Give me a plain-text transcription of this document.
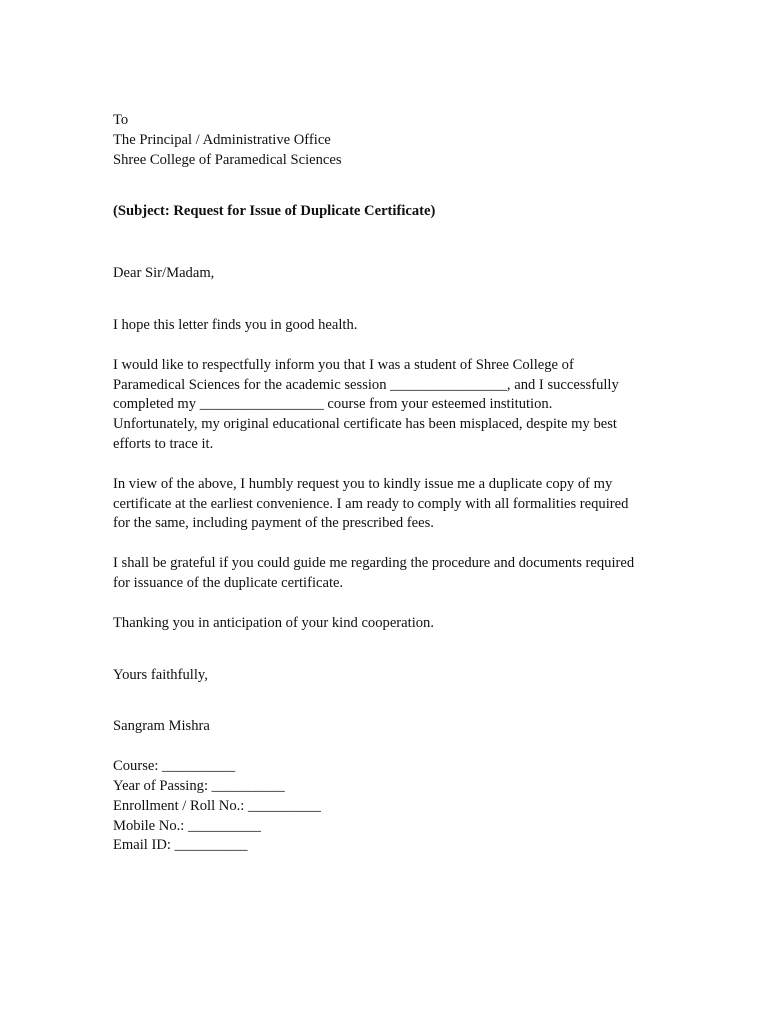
To
The Principal / Administrative Office
Shree College of Paramedical Sciences
(Subject: Request for Issue of Duplicate Certificate)
Dear Sir/Madam,

I hope this letter finds you in good health.

I would like to respectfully inform you that I was a student of Shree College of
Paramedical Sciences for the academic session ________________, and I successfully
completed my _________________ course from your esteemed institution.
Unfortunately, my original educational certificate has been misplaced, despite my best
efforts to trace it.

In view of the above, I humbly request you to kindly issue me a duplicate copy of my
certificate at the earliest convenience. I am ready to comply with all formalities required
for the same, including payment of the prescribed fees.

I shall be grateful if you could guide me regarding the procedure and documents required
for issuance of the duplicate certificate.

Thanking you in anticipation of your kind cooperation.

Yours faithfully,
Sangram Mishra
Course: __________
Year of Passing: __________
Enrollment / Roll No.: __________
Mobile No.: __________
Email ID: __________
